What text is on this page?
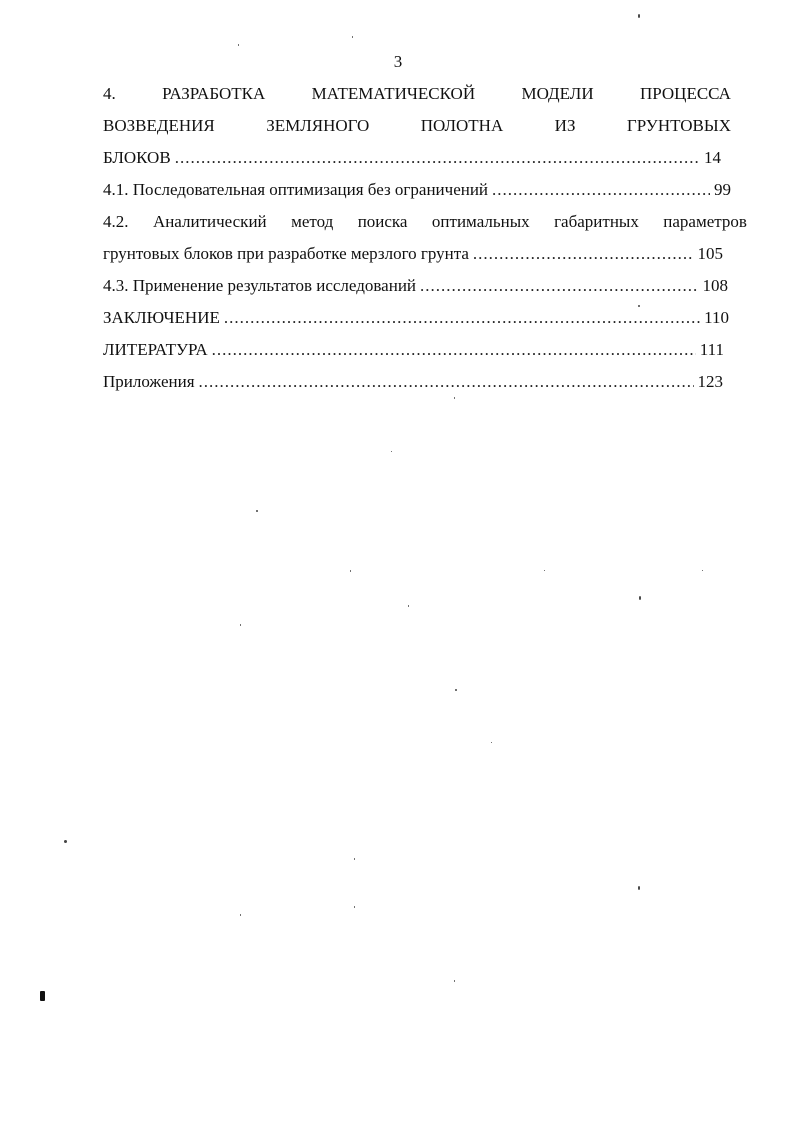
3
4.	РАЗРАБОТКА	МАТЕМАТИЧЕСКОЙ	МОДЕЛИ	ПРОЦЕССА
ВОЗВЕДЕНИЯ	ЗЕМЛЯНОГО	ПОЛОТНА	ИЗ	ГРУНТОВЫХ
БЛОКОВ .....	14
4.1. Последовательная оптимизация без ограничений .....	99
4.2. Аналитический метод поиска оптимальных габаритных параметров
грунтовых блоков при разработке мерзлого грунта .....	105
4.3. Применение результатов исследований .....	108
ЗАКЛЮЧЕНИЕ .....	110
ЛИТЕРАТУРА .....	111
Приложения .....	123
